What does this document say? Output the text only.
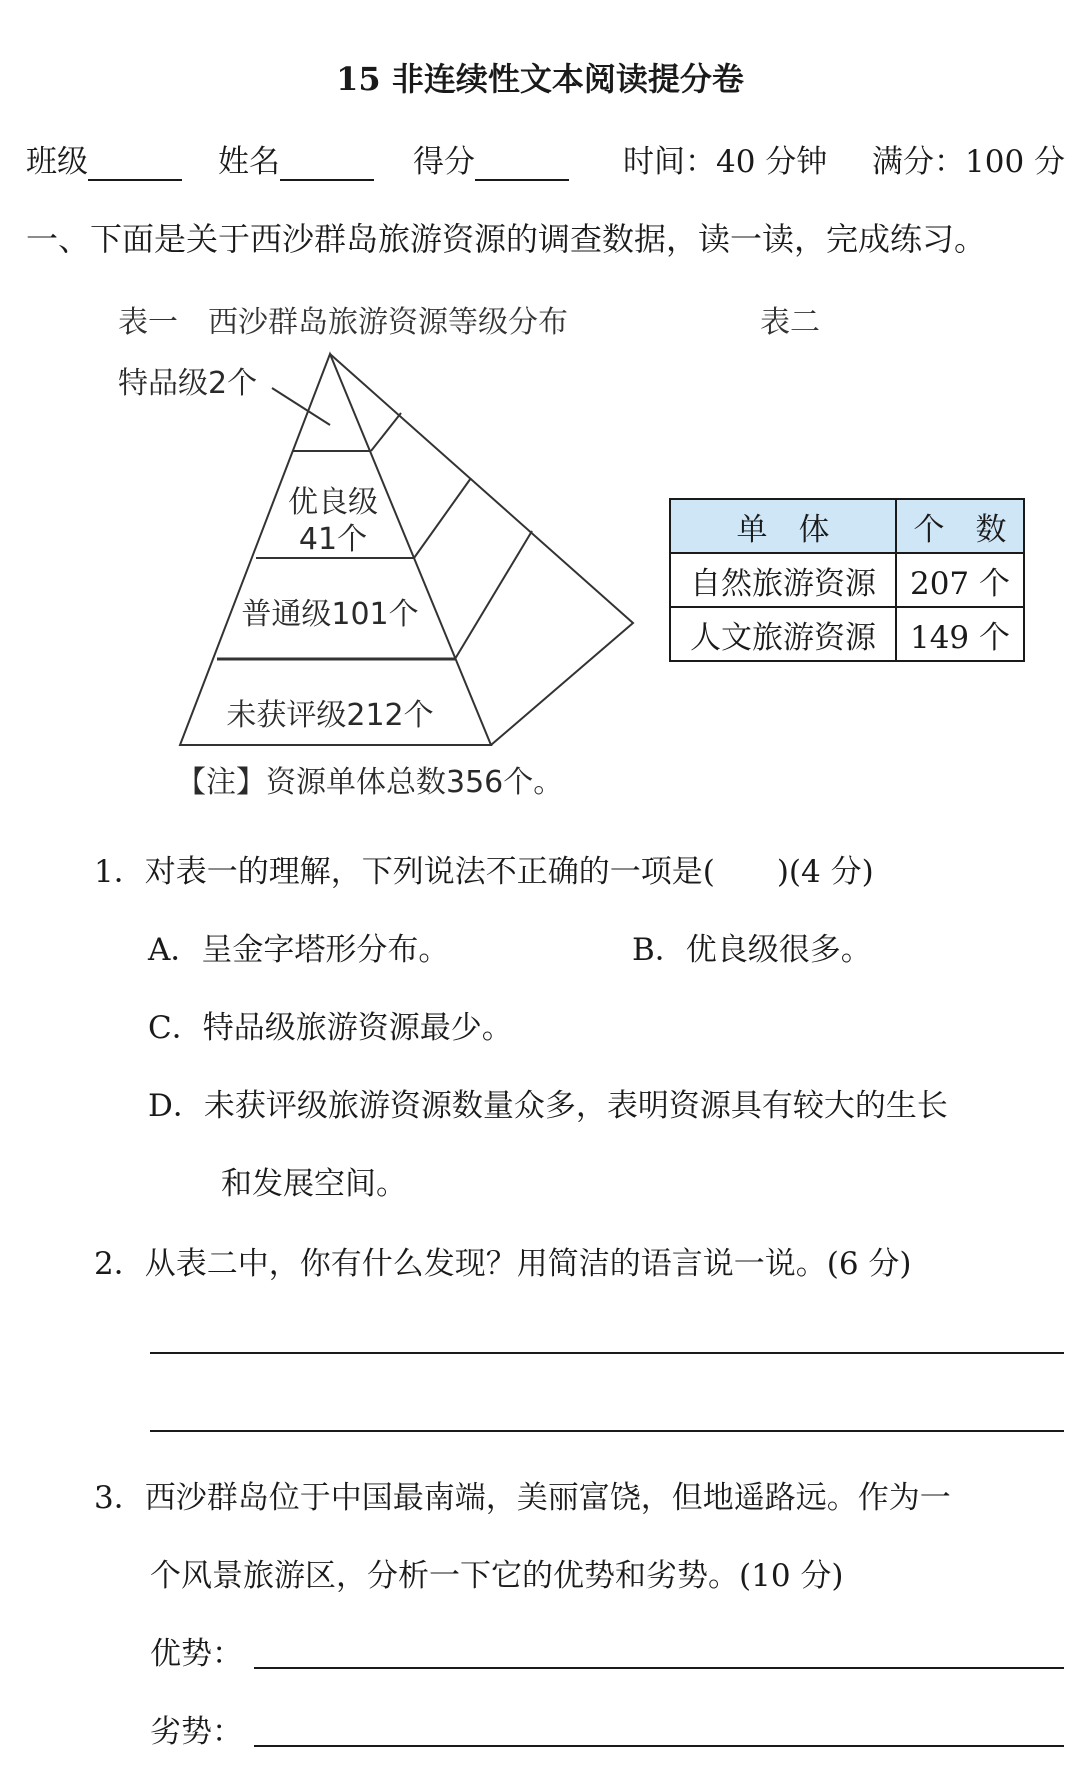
15 非连续性文本阅读提分卷
班级	姓名	得分	时间：40 分钟 满分：100 分
一、下面是关于西沙群岛旅游资源的调查数据，读一读，完成练习。
表一　西沙群岛旅游资源等级分布	表二
特品级2个
优良级
41个
普通级101个
未获评级212个
【注】资源单体总数356个。
单　体	个　数
自然旅游资源	207 个
人文旅游资源	149 个
1．对表一的理解，下列说法不正确的一项是(　　)(4 分)
A．呈金字塔形分布。	B．优良级很多。
C．特品级旅游资源最少。
D．未获评级旅游资源数量众多，表明资源具有较大的生长
和发展空间。
2．从表二中，你有什么发现？用简洁的语言说一说。(6 分)
3．西沙群岛位于中国最南端，美丽富饶，但地遥路远。作为一
个风景旅游区，分析一下它的优势和劣势。(10 分)
优势：
劣势：
